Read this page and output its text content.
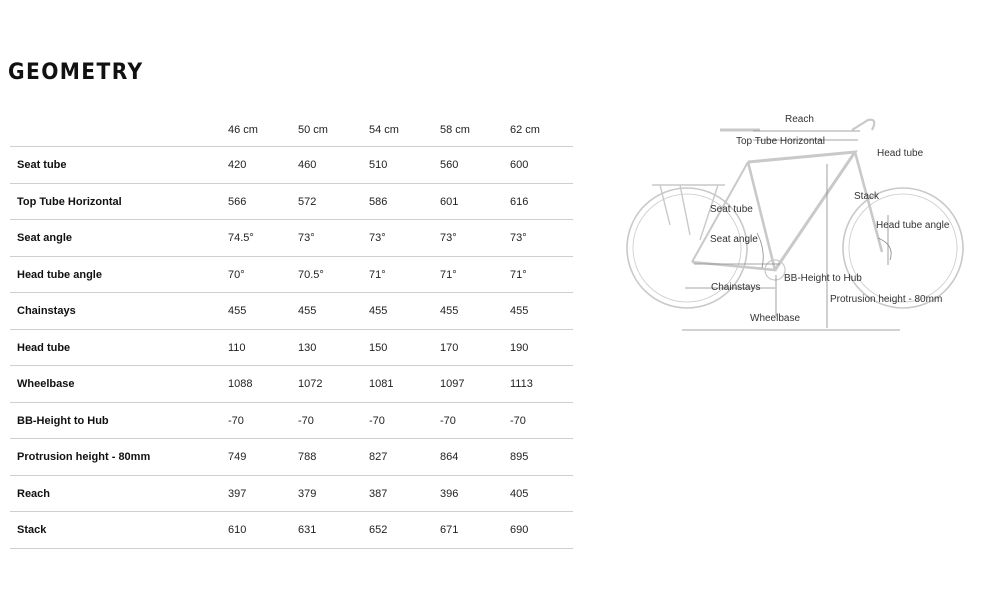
GEOMETRY
46 cm	50 cm	54 cm	58 cm	62 cm
Seat tube	420	460	510	560	600
Top Tube Horizontal	566	572	586	601	616
Seat angle	74.5°	73°	73°	73°	73°
Head tube angle	70°	70.5°	71°	71°	71°
Chainstays	455	455	455	455	455
Head tube	110	130	150	170	190
Wheelbase	1088	1072	1081	1097	1113
BB-Height to Hub	-70	-70	-70	-70	-70
Protrusion height - 80mm	749	788	827	864	895
Reach	397	379	387	396	405
Stack	610	631	652	671	690
Reach
Top Tube Horizontal
Head tube
Stack
Seat tube
Head tube angle
Seat angle
BB-Height to Hub
Chainstays
Protrusion height - 80mm
Wheelbase
